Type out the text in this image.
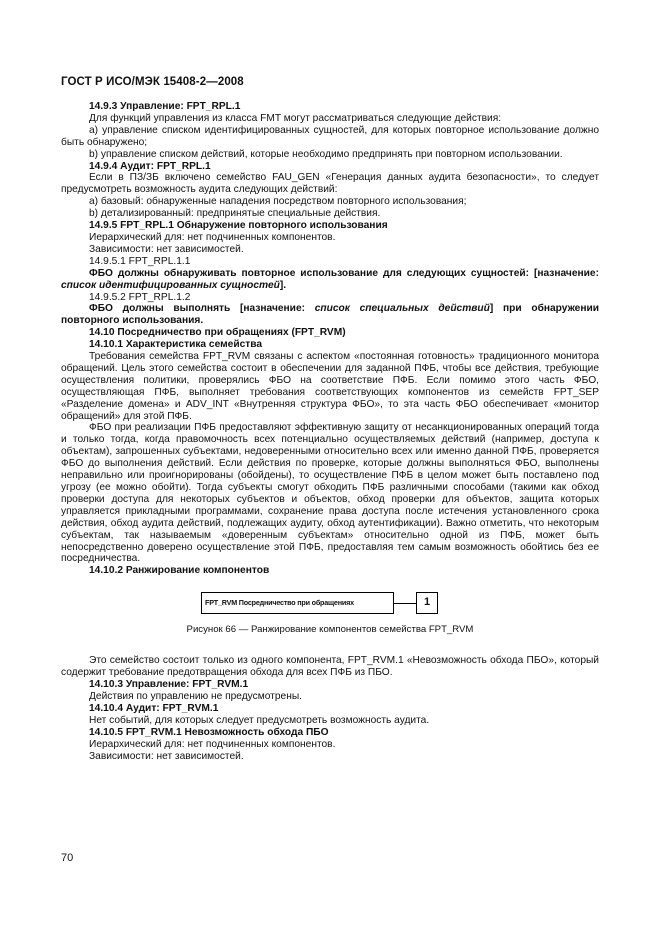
ГОСТ Р ИСО/МЭК 15408-2—2008

14.9.3 Управление: FPT_RPL.1

Для функций управления из класса FMT могут рассматриваться следующие действия:

a) управление списком идентифицированных сущностей, для которых повторное использование должно быть обнаружено;

b) управление списком действий, которые необходимо предпринять при повторном использовании.

14.9.4 Аудит: FPT_RPL.1

Если в ПЗ/ЗБ включено семейство FAU_GEN «Генерация данных аудита безопасности», то следует предусмотреть возможность аудита следующих действий:

a) базовый: обнаруженные нападения посредством повторного использования;

b) детализированный: предпринятые специальные действия.

14.9.5 FPT_RPL.1 Обнаружение повторного использования

Иерархический для: нет подчиненных компонентов.

Зависимости: нет зависимостей.

14.9.5.1 FPT_RPL.1.1

ФБО должны обнаруживать повторное использование для следующих сущностей: [назначение: список идентифицированных сущностей].

14.9.5.2 FPT_RPL.1.2

ФБО должны выполнять [назначение: список специальных действий] при обнаружении повторного использования.

14.10 Посредничество при обращениях (FPT_RVM)

14.10.1 Характеристика семейства

Требования семейства FPT_RVM связаны с аспектом «постоянная готовность» традиционного монитора обращений. Цель этого семейства состоит в обеспечении для заданной ПФБ, чтобы все действия, требующие осуществления политики, проверялись ФБО на соответствие ПФБ. Если помимо этого часть ФБО, осуществляющая ПФБ, выполняет требования соответствующих компонентов из семейств FPT_SEP «Разделение домена» и ADV_INT «Внутренняя структура ФБО», то эта часть ФБО обеспечивает «монитор обращений» для этой ПФБ.

ФБО при реализации ПФБ предоставляют эффективную защиту от несанкционированных операций тогда и только тогда, когда правомочность всех потенциально осуществляемых действий (например, доступа к объектам), запрошенных субъектами, недоверенными относительно всех или именно данной ПФБ, проверяется ФБО до выполнения действий. Если действия по проверке, которые должны выполняться ФБО, выполнены неправильно или проигнорированы (обойдены), то осуществление ПФБ в целом может быть поставлено под угрозу (ее можно обойти). Тогда субъекты смогут обходить ПФБ различными способами (такими как обход проверки доступа для некоторых субъектов и объектов, обход проверки для объектов, защита которых управляется прикладными программами, сохранение права доступа после истечения установленного срока действия, обход аудита действий, подлежащих аудиту, обход аутентификации). Важно отметить, что некоторым субъектам, так называемым «доверенным субъектам» относительно одной из ПФБ, может быть непосредственно доверено осуществление этой ПФБ, предоставляя тем самым возможность обойтись без ее посредничества.

14.10.2 Ранжирование компонентов

FPT_RVM Посредничество при обращениях	1
Рисунок 66 — Ранжирование компонентов семейства FPT_RVM

Это семейство состоит только из одного компонента, FPT_RVM.1 «Невозможность обхода ПБО», который содержит требование предотвращения обхода для всех ПФБ из ПБО.

14.10.3 Управление: FPT_RVM.1

Действия по управлению не предусмотрены.

14.10.4 Аудит: FPT_RVM.1

Нет событий, для которых следует предусмотреть возможность аудита.

14.10.5 FPT_RVM.1 Невозможность обхода ПБО

Иерархический для: нет подчиненных компонентов.

Зависимости: нет зависимостей.

70
